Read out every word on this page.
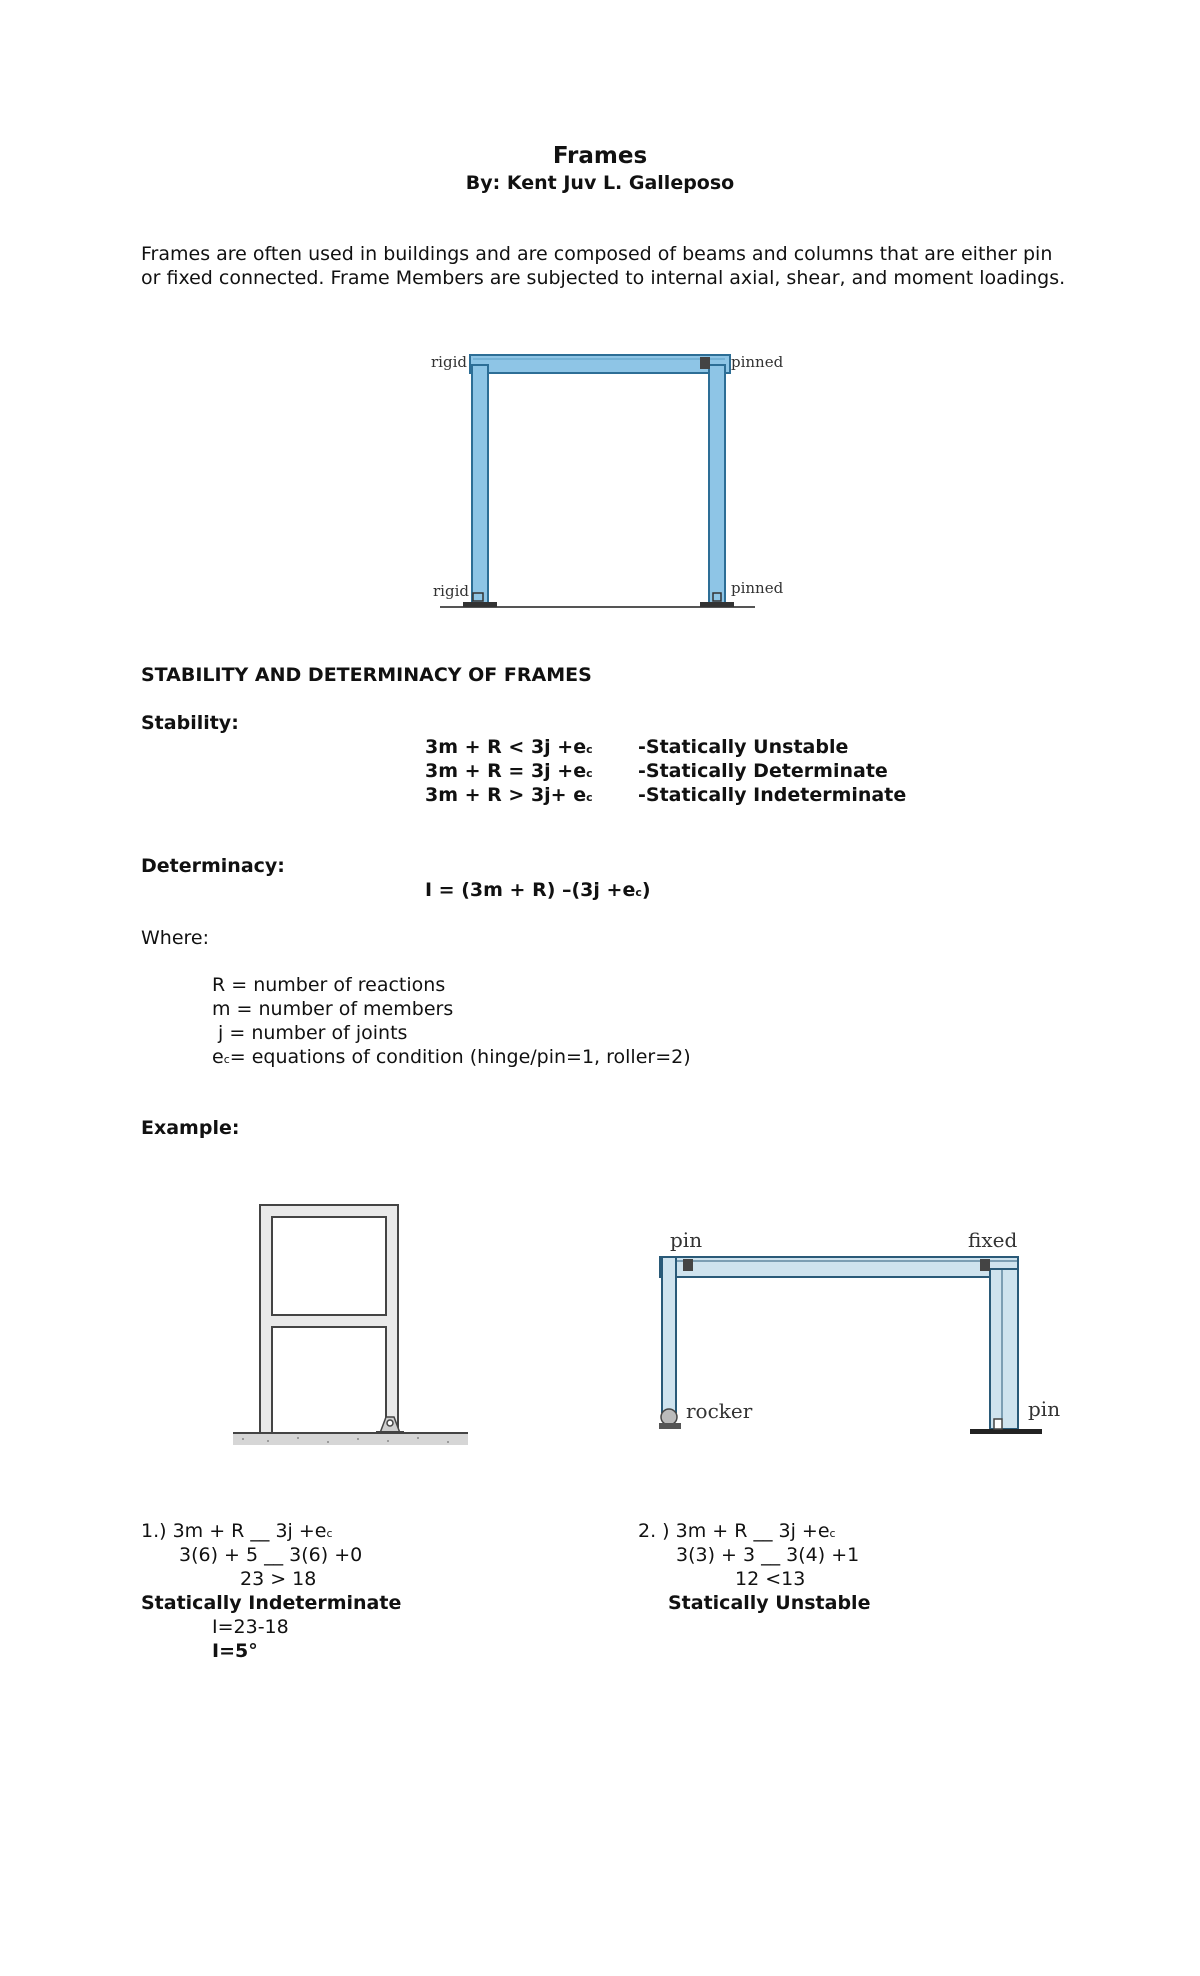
Frames
By: Kent Juv L. Galleposo
Frames are often used in buildings and are composed of beams and columns that are either pin or fixed connected. Frame Members are subjected to internal axial, shear, and moment loadings.
rigid	pinned
rigid	pinned
STABILITY AND DETERMINACY OF FRAMES
Stability:
3m + R < 3j +ec -Statically Unstable
3m + R = 3j +ec -Statically Determinate
3m + R > 3j+ ec -Statically Indeterminate
Determinacy:
I = (3m + R) –(3j +ec)
Where:
R = number of reactions
m = number of members
j = number of joints
ec= equations of condition (hinge/pin=1, roller=2)
Example:
pin	fixed
rocker	pin
1.) 3m + R __ 3j +ec
3(6) + 5 __ 3(6) +0
23 > 18
Statically Indeterminate
I=23-18
I=5°
2. ) 3m + R __ 3j +ec
3(3) + 3 __ 3(4) +1
12 <13
Statically Unstable
